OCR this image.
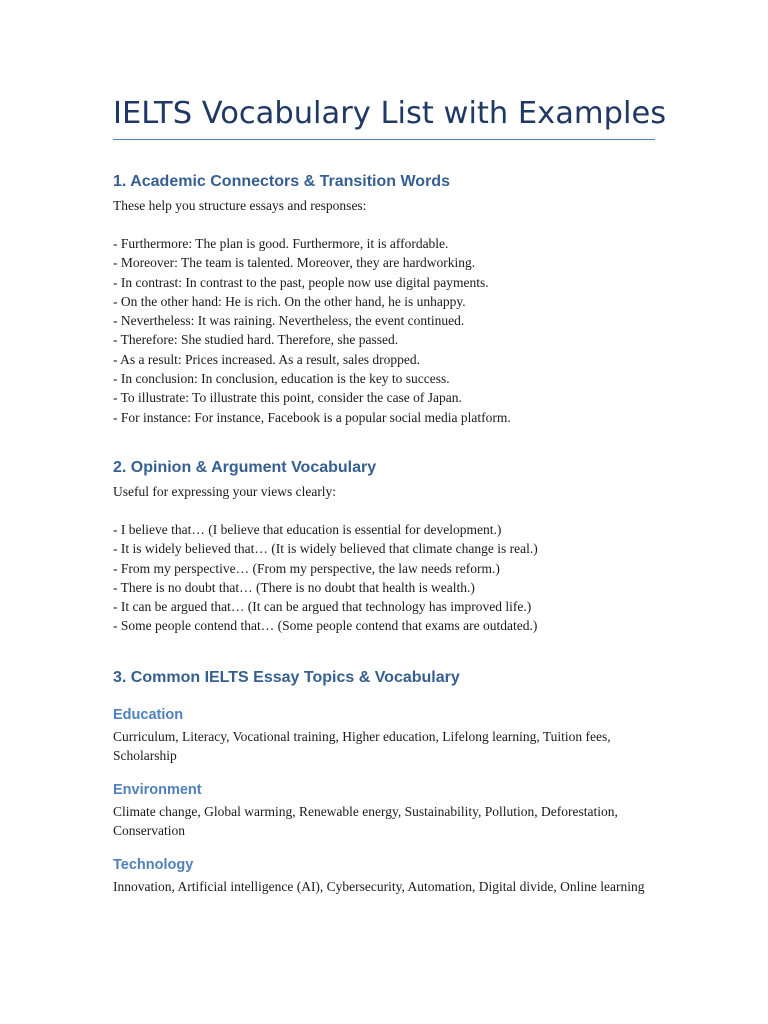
IELTS Vocabulary List with Examples
1. Academic Connectors & Transition Words

These help you structure essays and responses:

- Furthermore: The plan is good. Furthermore, it is affordable.
- Moreover: The team is talented. Moreover, they are hardworking.
- In contrast: In contrast to the past, people now use digital payments.
- On the other hand: He is rich. On the other hand, he is unhappy.
- Nevertheless: It was raining. Nevertheless, the event continued.
- Therefore: She studied hard. Therefore, she passed.
- As a result: Prices increased. As a result, sales dropped.
- In conclusion: In conclusion, education is the key to success.
- To illustrate: To illustrate this point, consider the case of Japan.
- For instance: For instance, Facebook is a popular social media platform.
2. Opinion & Argument Vocabulary

Useful for expressing your views clearly:

- I believe that… (I believe that education is essential for development.)
- It is widely believed that… (It is widely believed that climate change is real.)
- From my perspective… (From my perspective, the law needs reform.)
- There is no doubt that… (There is no doubt that health is wealth.)
- It can be argued that… (It can be argued that technology has improved life.)
- Some people contend that… (Some people contend that exams are outdated.)
3. Common IELTS Essay Topics & Vocabulary
Education

Curriculum, Literacy, Vocational training, Higher education, Lifelong learning, Tuition fees, Scholarship

Environment

Climate change, Global warming, Renewable energy, Sustainability, Pollution, Deforestation, Conservation

Technology

Innovation, Artificial intelligence (AI), Cybersecurity, Automation, Digital divide, Online learning
